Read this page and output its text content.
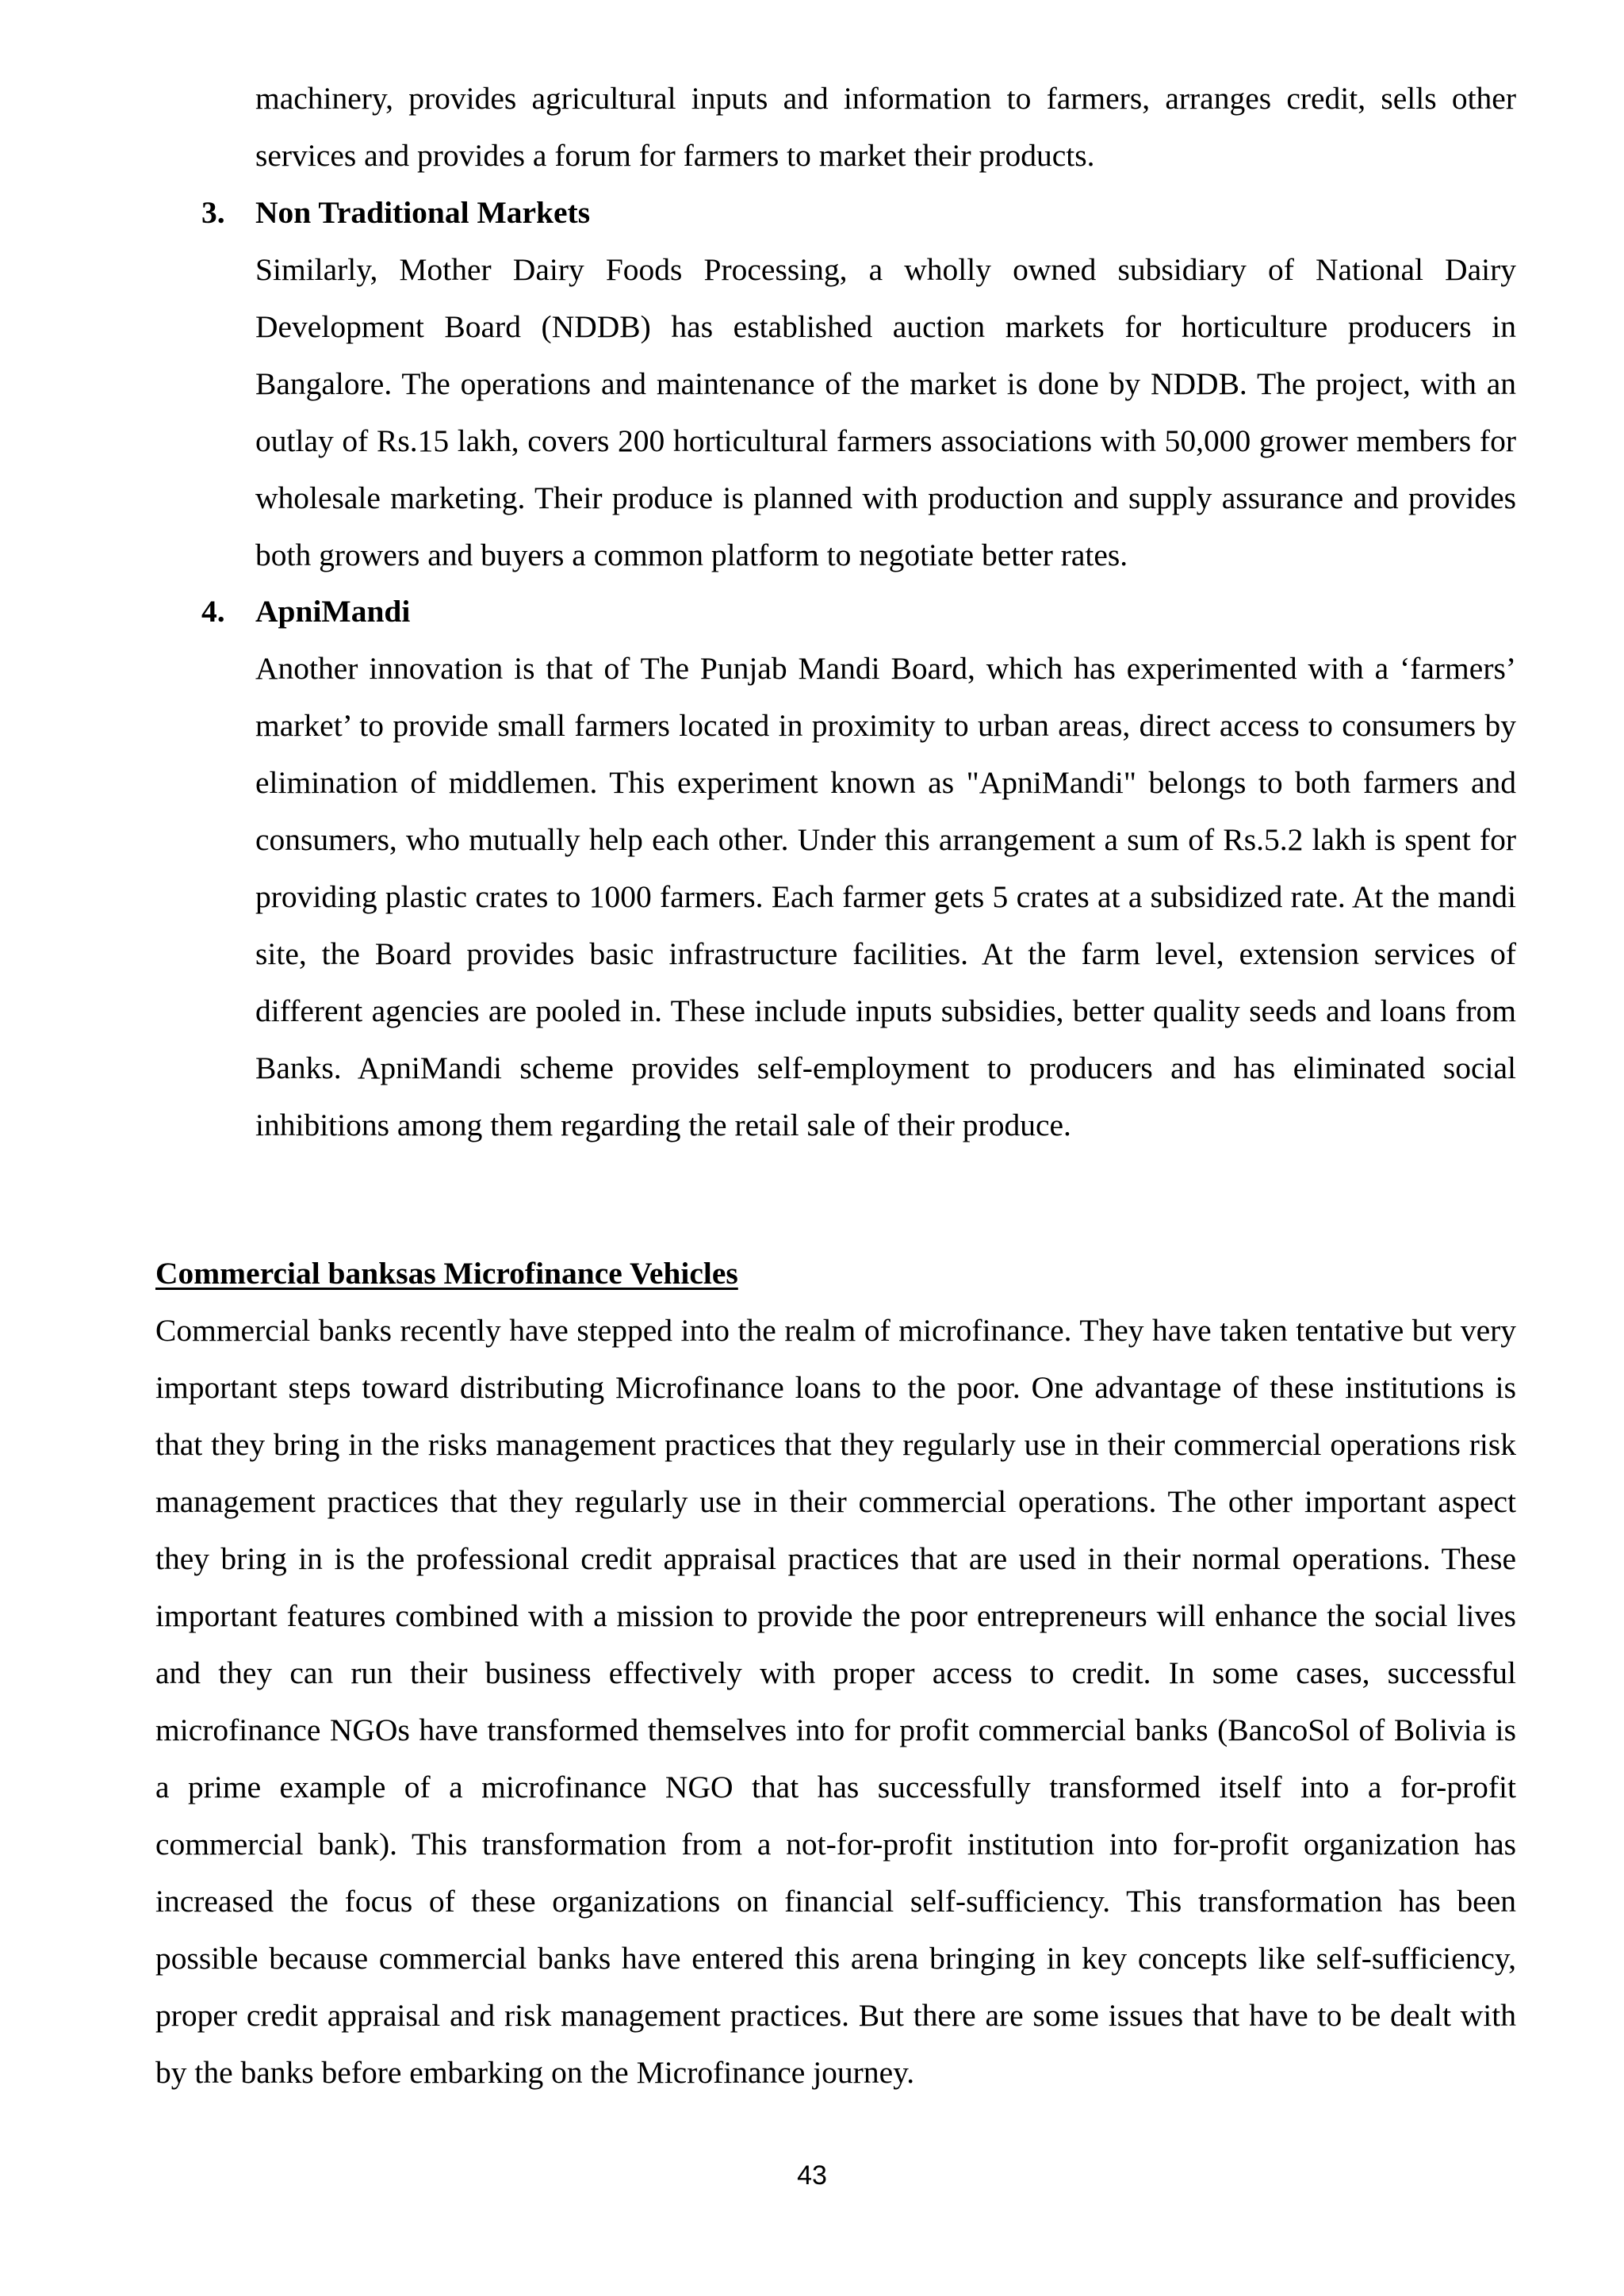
machinery, provides agricultural inputs and information to farmers, arranges credit, sells other services and provides a forum for farmers to market their products.

3. Non Traditional Markets

Similarly, Mother Dairy Foods Processing, a wholly owned subsidiary of National Dairy Development Board (NDDB) has established auction markets for horticulture producers in Bangalore. The operations and maintenance of the market is done by NDDB. The project, with an outlay of Rs.15 lakh, covers 200 horticultural farmers associations with 50,000 grower members for wholesale marketing. Their produce is planned with production and supply assurance and provides both growers and buyers a common platform to negotiate better rates.

4. ApniMandi

Another innovation is that of The Punjab Mandi Board, which has experimented with a ‘farmers’ market’ to provide small farmers located in proximity to urban areas, direct access to consumers by elimination of middlemen. This experiment known as "ApniMandi" belongs to both farmers and consumers, who mutually help each other. Under this arrangement a sum of Rs.5.2 lakh is spent for providing plastic crates to 1000 farmers. Each farmer gets 5 crates at a subsidized rate. At the mandi site, the Board provides basic infrastructure facilities. At the farm level, extension services of different agencies are pooled in. These include inputs subsidies, better quality seeds and loans from Banks. ApniMandi scheme provides self-employment to producers and has eliminated social inhibitions among them regarding the retail sale of their produce.

Commercial banksas Microfinance Vehicles

Commercial banks recently have stepped into the realm of microfinance. They have taken tentative but very important steps toward distributing Microfinance loans to the poor. One advantage of these institutions is that they bring in the risks management practices that they regularly use in their commercial operations risk management practices that they regularly use in their commercial operations. The other important aspect they bring in is the professional credit appraisal practices that are used in their normal operations. These important features combined with a mission to provide the poor entrepreneurs will enhance the social lives and they can run their business effectively with proper access to credit. In some cases, successful microfinance NGOs have transformed themselves into for profit commercial banks (BancoSol of Bolivia is a prime example of a microfinance NGO that has successfully transformed itself into a for-profit commercial bank). This transformation from a not-for-profit institution into for-profit organization has increased the focus of these organizations on financial self-sufficiency. This transformation has been possible because commercial banks have entered this arena bringing in key concepts like self-sufficiency, proper credit appraisal and risk management practices. But there are some issues that have to be dealt with by the banks before embarking on the Microfinance journey.

43
